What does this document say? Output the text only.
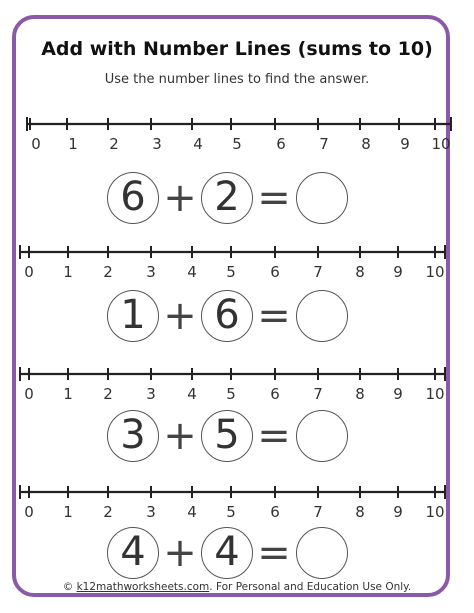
Add with Number Lines (sums to 10)
Use the number lines to find the answer.
0	1	2	3	4	5	6	7	8	9	10
6 + 2 =
0	1	2	3	4	5	6	7	8	9	10
1 + 6 =
0	1	2	3	4	5	6	7	8	9	10
3 + 5 =
0	1	2	3	4	5	6	7	8	9	10
4 + 4 =
© k12mathworksheets.com. For Personal and Education Use Only.
